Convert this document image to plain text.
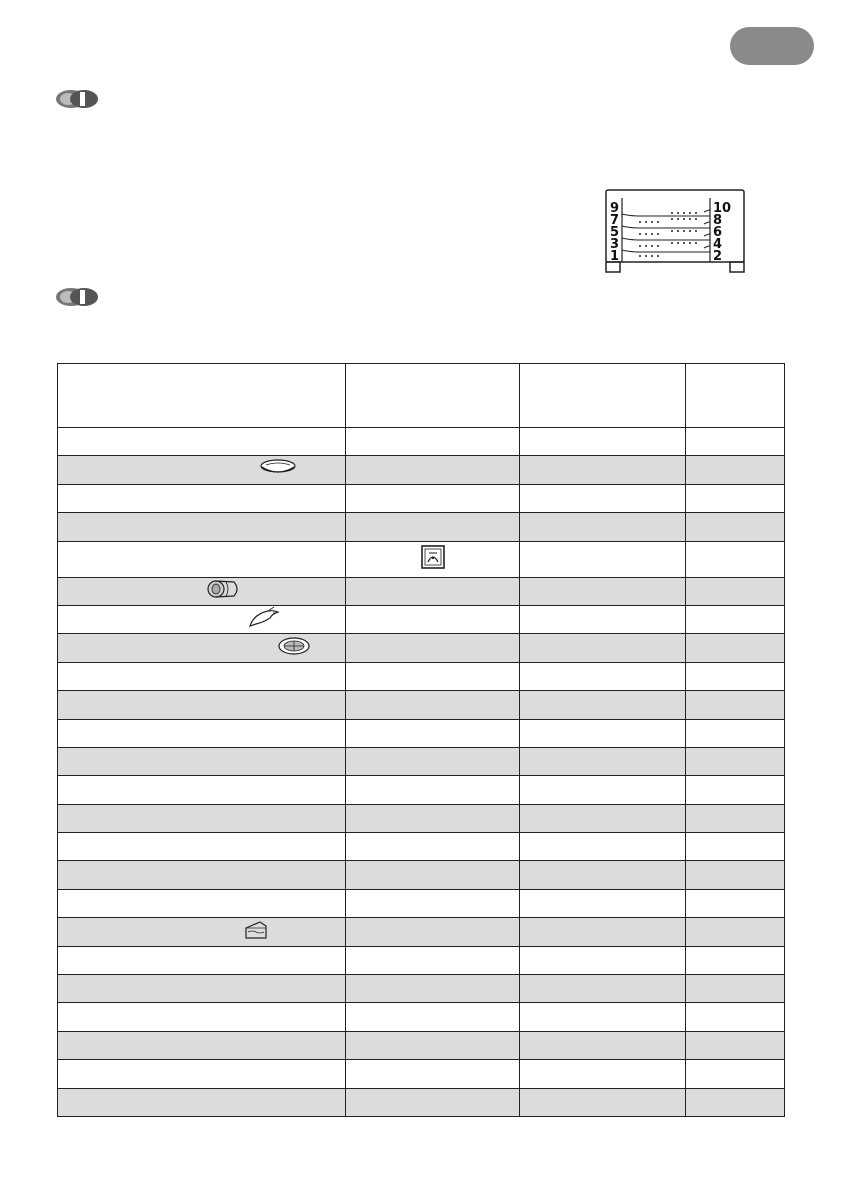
9
7
5
3
1
10
8
6
4
2
